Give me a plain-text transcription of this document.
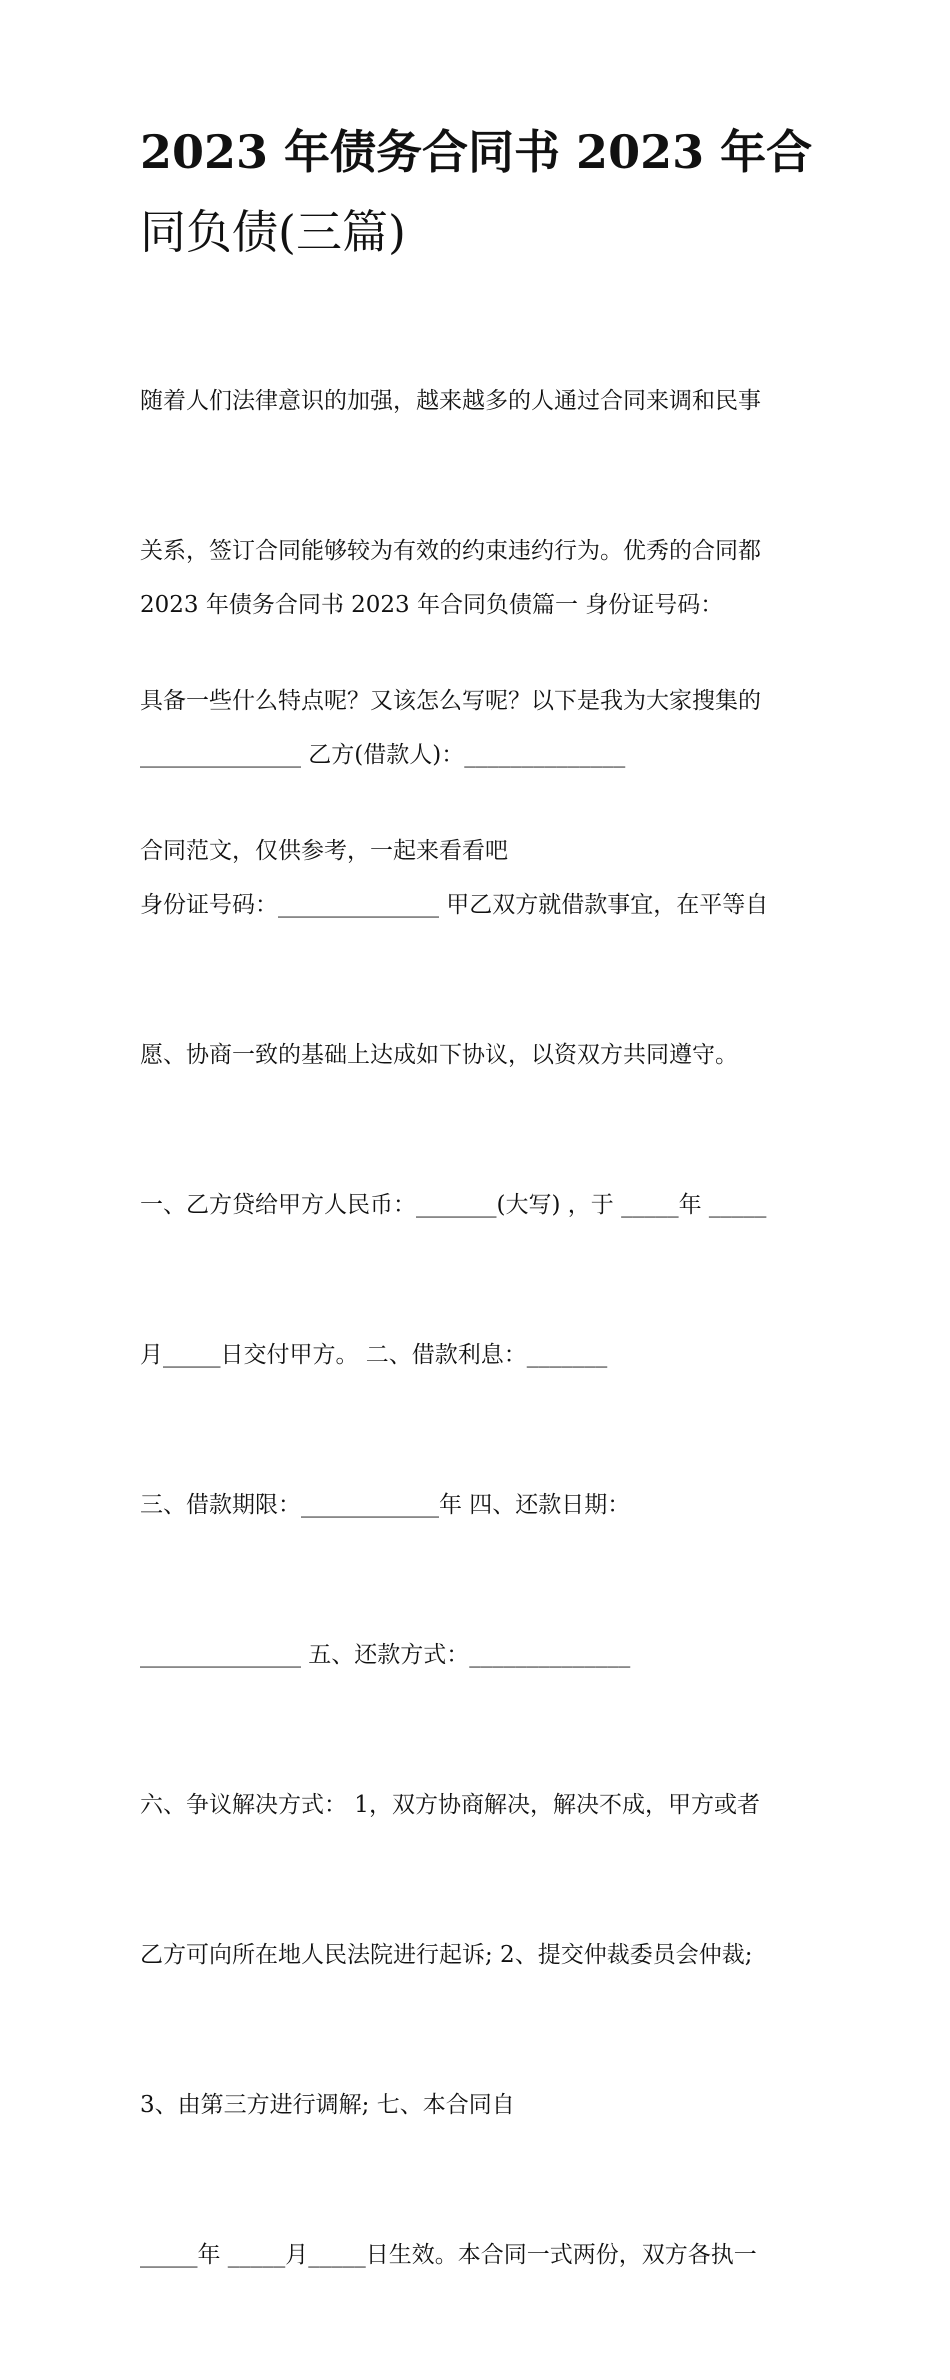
2023 年债务合同书 2023 年合
同负债(三篇)

随着人们法律意识的加强，越来越多的人通过合同来调和民事

关系，签订合同能够较为有效的约束违约行为。优秀的合同都

具备一些什么特点呢？又该怎么写呢？以下是我为大家搜集的

合同范文，仅供参考，一起来看看吧

2023 年债务合同书 2023 年合同负债篇一 身份证号码：

______________ 乙方(借款人)：______________

身份证号码：______________ 甲乙双方就借款事宜，在平等自

愿、协商一致的基础上达成如下协议，以资双方共同遵守。

一、乙方贷给甲方人民币：_______(大写) ，于 _____年 _____

月_____日交付甲方。 二、借款利息：_______

三、借款期限：____________年 四、还款日期：

______________ 五、还款方式：______________

六、争议解决方式： 1，双方协商解决，解决不成，甲方或者

乙方可向所在地人民法院进行起诉; 2、提交仲裁委员会仲裁;

3、由第三方进行调解; 七、本合同自

_____年 _____月_____日生效。本合同一式两份，双方各执一
